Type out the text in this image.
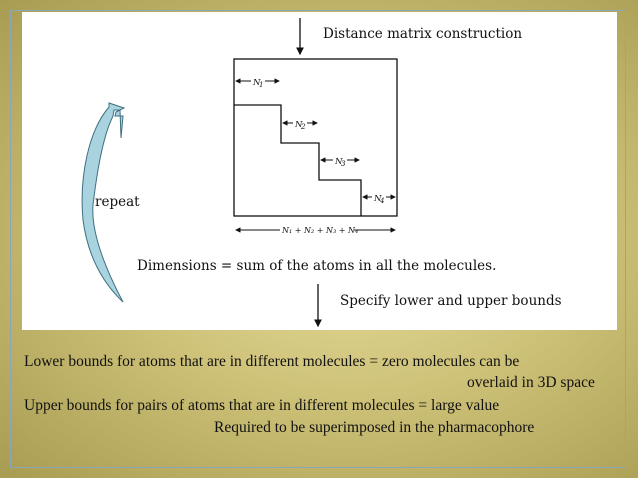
Distance matrix construction
N
1
N
2
N
3
N
4
N₁ + N₂ + N₃ + N₄
repeat
Dimensions = sum of the atoms in all the molecules.
Specify lower and upper bounds
Lower bounds for atoms that are in different molecules = zero molecules can be
overlaid in 3D space
Upper bounds for pairs of atoms that are in different molecules = large value
Required to be superimposed in the pharmacophore
